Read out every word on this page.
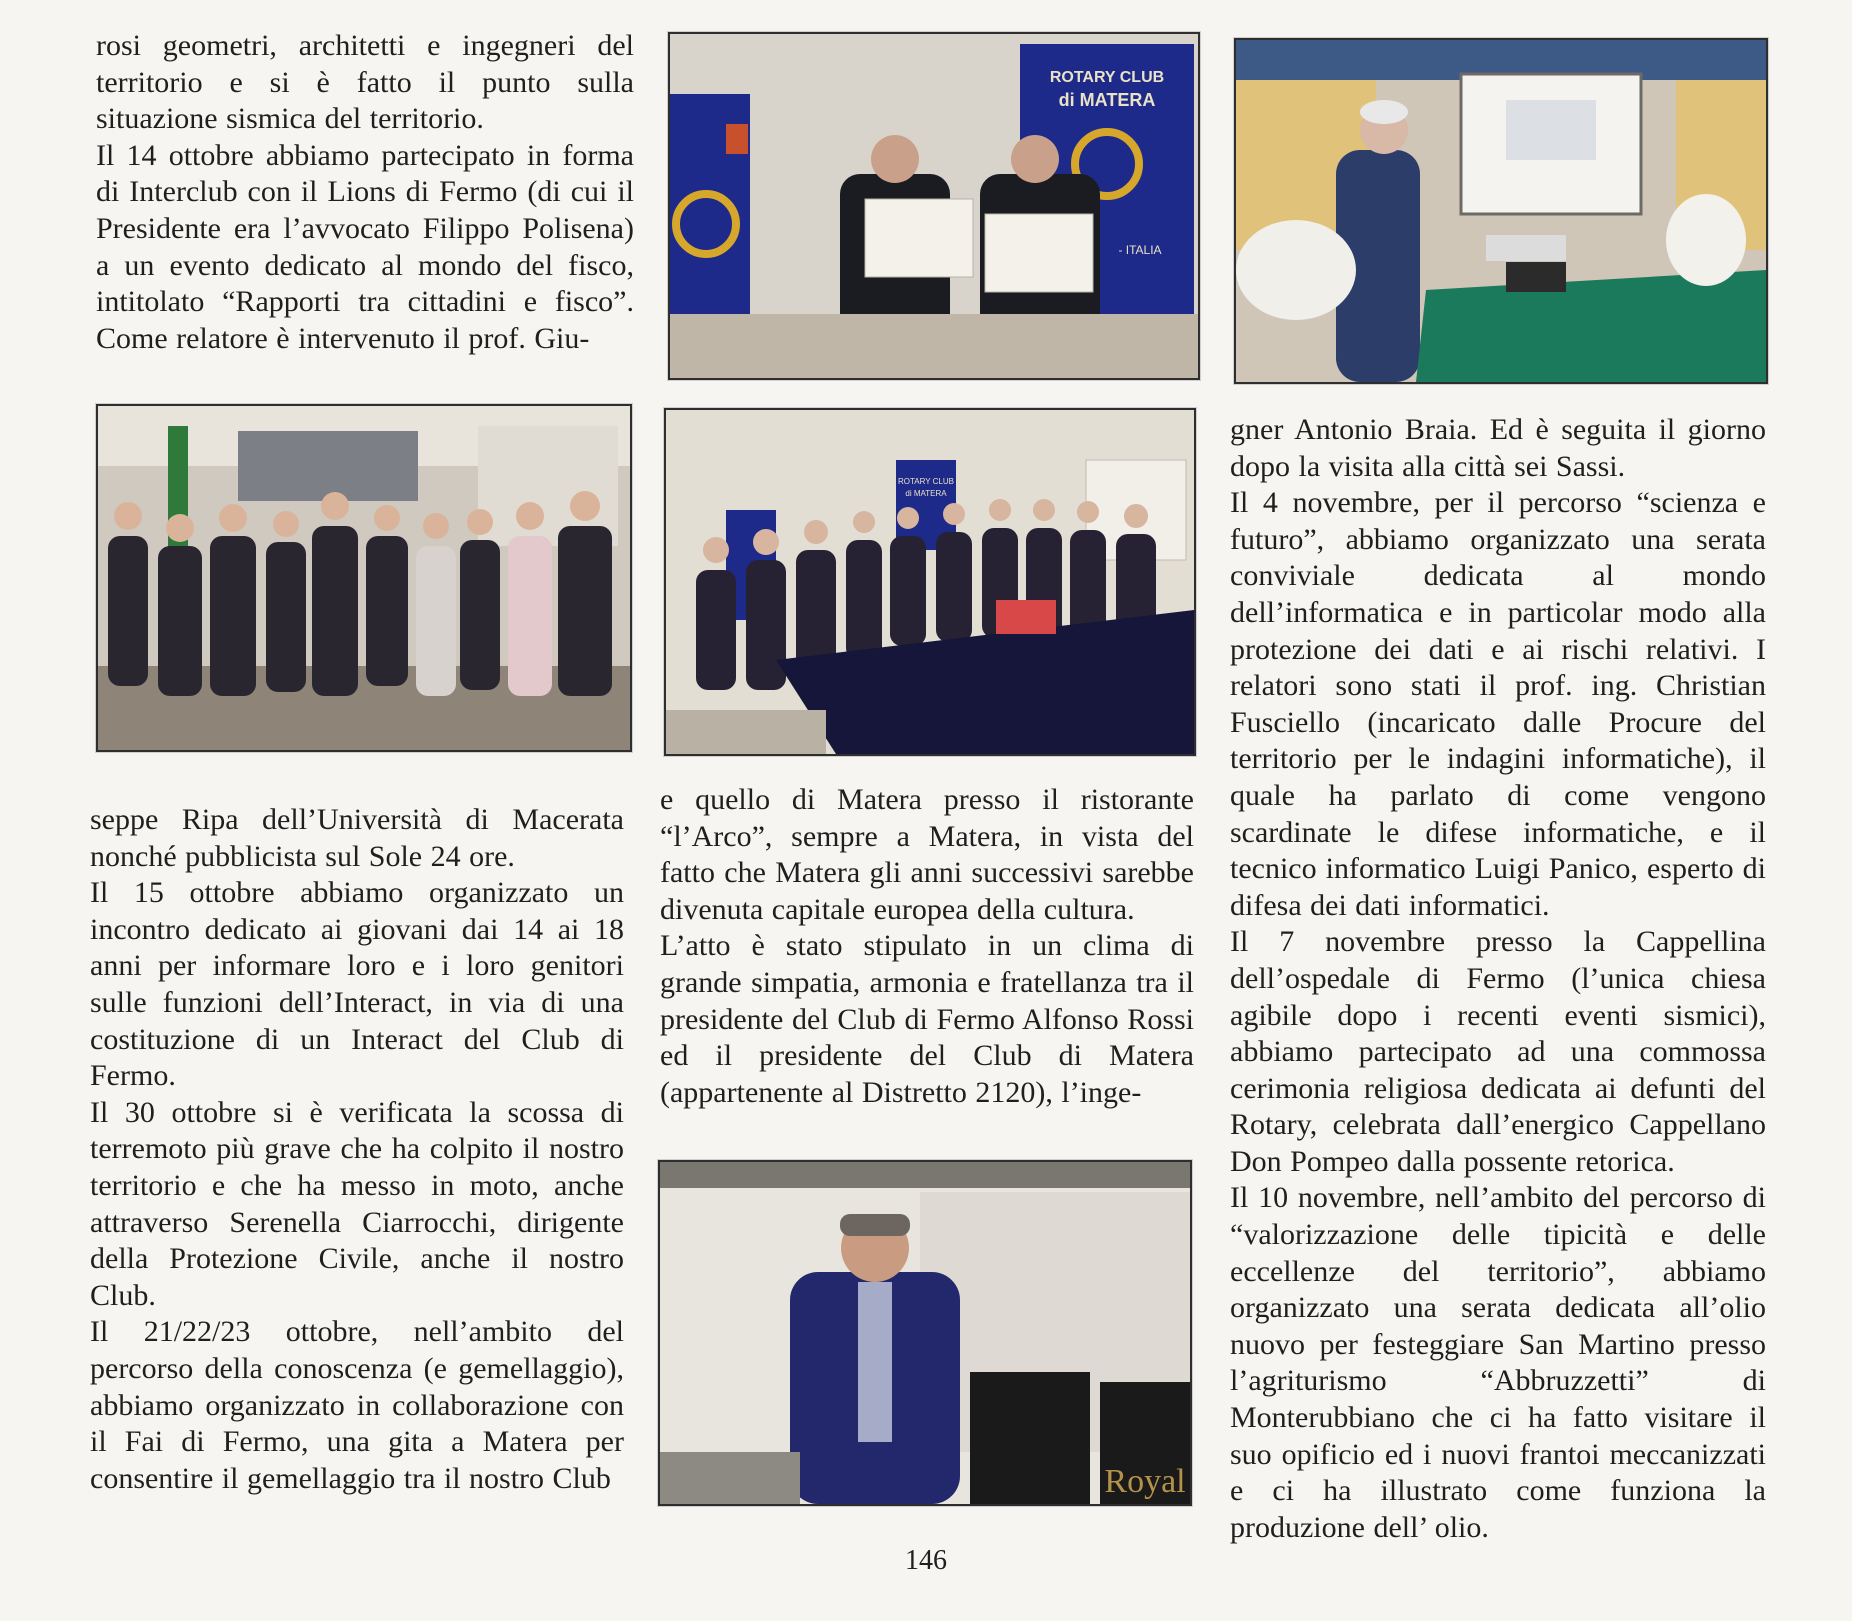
rosi geometri, architetti e ingegneri del territorio e si è fatto il punto sulla situazione sismica del territorio.

Il 14 ottobre abbiamo partecipato in forma di Interclub con il Lions di Fermo (di cui il Presidente era l’avvocato Filippo Polisena) a un evento dedicato al mondo del fisco, intitolato “Rapporti tra cittadini e fisco”. Come relatore è intervenuto il prof. Giu-

seppe Ripa dell’Università di Macerata nonché pubblicista sul Sole 24 ore.

Il 15 ottobre abbiamo organizzato un incontro dedicato ai giovani dai 14 ai 18 anni per informare loro e i loro genitori sulle funzioni dell’Interact, in via di una costituzione di un Interact del Club di Fermo.

Il 30 ottobre si è verificata la scossa di terremoto più grave che ha colpito il nostro territorio e che ha messo in moto, anche attraverso Serenella Ciarrocchi, dirigente della Protezione Civile, anche il nostro Club.

Il 21/22/23 ottobre, nell’ambito del percorso della conoscenza (e gemellaggio), abbiamo organizzato in collaborazione con il Fai di Fermo, una gita a Matera per consentire il gemellaggio tra il nostro Club

ROTARY CLUB
di MATERA
- ITALIA
ROTARY CLUB
di MATERA

e quello di Matera presso il ristorante “l’Arco”, sempre a Matera, in vista del fatto che Matera gli anni successivi sarebbe divenuta capitale europea della cultura.

L’atto è stato stipulato in un clima di grande simpatia, armonia e fratellanza tra il presidente del Club di Fermo Alfonso Rossi ed il presidente del Club di Matera (appartenente al Distretto 2120), l’inge-

Royal

gner Antonio Braia. Ed è seguita il giorno dopo la visita alla città sei Sassi.

Il 4 novembre, per il percorso “scienza e futuro”, abbiamo organizzato una serata conviviale dedicata al mondo dell’informatica e in particolar modo alla protezione dei dati e ai rischi relativi. I relatori sono stati il prof. ing. Christian Fusciello (incaricato dalle Procure del territorio per le indagini informatiche), il quale ha parlato di come vengono scardinate le difese informatiche, e il tecnico informatico Luigi Panico, esperto di difesa dei dati informatici.

Il 7 novembre presso la Cappellina dell’ospedale di Fermo (l’unica chiesa agibile dopo i recenti eventi sismici), abbiamo partecipato ad una commossa cerimonia religiosa dedicata ai defunti del Rotary, celebrata dall’energico Cappellano Don Pompeo dalla possente retorica.

Il 10 novembre, nell’ambito del percorso di “valorizzazione delle tipicità e delle eccellenze del territorio”, abbiamo organizzato una serata dedicata all’olio nuovo per festeggiare San Martino presso l’agriturismo “Abbruzzetti” di Monterubbiano che ci ha fatto visitare il suo opificio ed i nuovi frantoi meccanizzati e ci ha illustrato come funziona la produzione dell’ olio.

146
